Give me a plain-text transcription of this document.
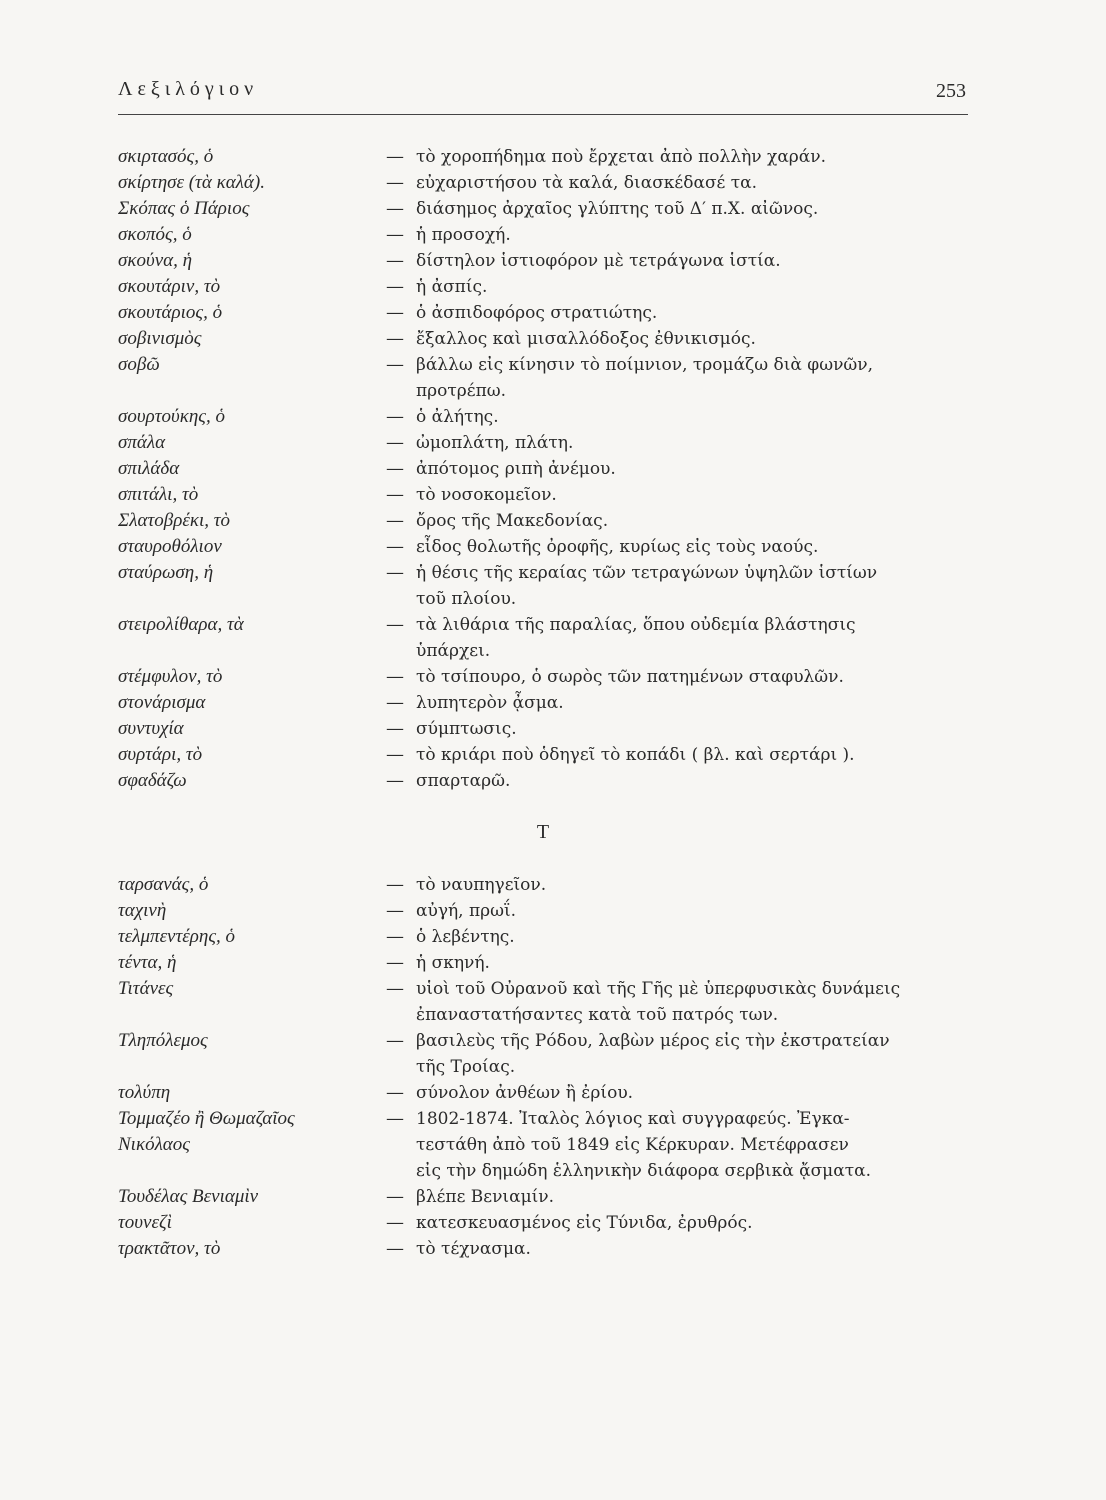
Λεξιλόγιον	253
σκιρτασός, ὁ	— τὸ χοροπήδημα ποὺ ἔρχεται ἀπὸ πολλὴν χαράν.
σκίρτησε (τὰ καλά).	— εὐχαριστήσου τὰ καλά, διασκέδασέ τα.
Σκόπας ὁ Πάριος	— διάσημος ἀρχαῖος γλύπτης τοῦ Δ′ π.Χ. αἰῶνος.
σκοπός, ὁ	— ἡ προσοχή.
σκούνα, ἡ	— δίστηλον ἱστιοφόρον μὲ τετράγωνα ἱστία.
σκουτάριν, τὸ	— ἡ ἀσπίς.
σκουτάριος, ὁ	— ὁ ἀσπιδοφόρος στρατιώτης.
σοβινισμὸς	— ἔξαλλος καὶ μισαλλόδοξος ἐθνικισμός.
σοβῶ	— βάλλω εἰς κίνησιν τὸ ποίμνιον, τρομάζω διὰ φωνῶν,
προτρέπω.
σουρτούκης, ὁ	— ὁ ἀλήτης.
σπάλα	— ὠμοπλάτη, πλάτη.
σπιλάδα	— ἀπότομος ριπὴ ἀνέμου.
σπιτάλι, τὸ	— τὸ νοσοκομεῖον.
Σλατοβρέκι, τὸ	— ὄρος τῆς Μακεδονίας.
σταυροθόλιον	— εἶδος θολωτῆς ὀροφῆς, κυρίως εἰς τοὺς ναούς.
σταύρωση, ἡ	— ἡ θέσις τῆς κεραίας τῶν τετραγώνων ὑψηλῶν ἱστίων
τοῦ πλοίου.
στειρολίθαρα, τὰ	— τὰ λιθάρια τῆς παραλίας, ὅπου οὐδεμία βλάστησις
ὑπάρχει.
στέμφυλον, τὸ	— τὸ τσίπουρο, ὁ σωρὸς τῶν πατημένων σταφυλῶν.
στονάρισμα	— λυπητερὸν ᾆσμα.
συντυχία	— σύμπτωσις.
συρτάρι, τὸ	— τὸ κριάρι ποὺ ὁδηγεῖ τὸ κοπάδι ( βλ. καὶ σερτάρι ).
σφαδάζω	— σπαρταρῶ.
Τ
ταρσανάς, ὁ	— τὸ ναυπηγεῖον.
ταχινὴ	— αὐγή, πρωΐ.
τελμπεντέρης, ὁ	— ὁ λεβέντης.
τέντα, ἡ	— ἡ σκηνή.
Τιτάνες	— υἱοὶ τοῦ Οὐρανοῦ καὶ τῆς Γῆς μὲ ὑπερφυσικὰς δυνάμεις
ἐπαναστατήσαντες κατὰ τοῦ πατρός των.
Τληπόλεμος	— βασιλεὺς τῆς Ρόδου, λαβὼν μέρος εἰς τὴν ἐκστρατείαν
τῆς Τροίας.
τολύπη	— σύνολον ἀνθέων ἢ ἐρίου.
Τομμαζέο ἢ Θωμαζαῖος	— 1802-1874. Ἰταλὸς λόγιος καὶ συγγραφεύς. Ἐγκα-
Νικόλαος	τεστάθη ἀπὸ τοῦ 1849 εἰς Κέρκυραν. Μετέφρασεν
εἰς τὴν δημώδη ἑλληνικὴν διάφορα σερβικὰ ᾄσματα.
Τουδέλας Βενιαμὶν	— βλέπε Βενιαμίν.
τουνεζὶ	— κατεσκευασμένος εἰς Τύνιδα, ἐρυθρός.
τρακτᾶτον, τὸ	— τὸ τέχνασμα.
